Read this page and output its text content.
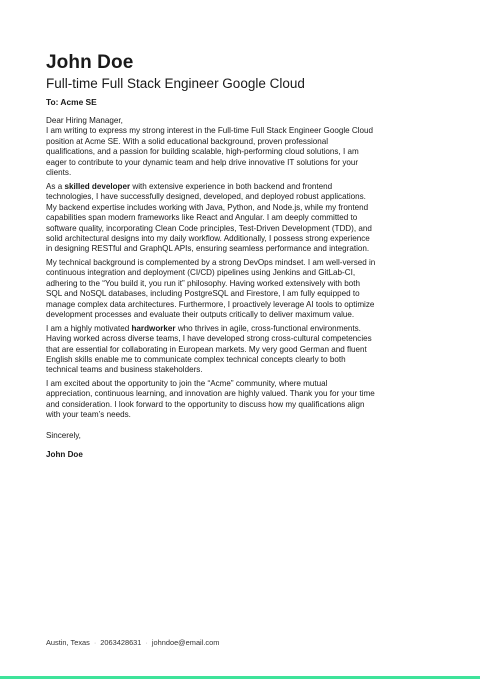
John Doe
Full-time Full Stack Engineer Google Cloud
To: Acme SE

Dear Hiring Manager,

I am writing to express my strong interest in the Full-time Full Stack Engineer Google Cloud position at Acme SE. With a solid educational background, proven professional qualifications, and a passion for building scalable, high-performing cloud solutions, I am eager to contribute to your dynamic team and help drive innovative IT solutions for your clients.

As a skilled developer with extensive experience in both backend and frontend technologies, I have successfully designed, developed, and deployed robust applications. My backend expertise includes working with Java, Python, and Node.js, while my frontend capabilities span modern frameworks like React and Angular. I am deeply committed to software quality, incorporating Clean Code principles, Test-Driven Development (TDD), and solid architectural designs into my daily workflow. Additionally, I possess strong experience in designing RESTful and GraphQL APIs, ensuring seamless performance and integration.

My technical background is complemented by a strong DevOps mindset. I am well-versed in continuous integration and deployment (CI/CD) pipelines using Jenkins and GitLab-CI, adhering to the “You build it, you run it” philosophy. Having worked extensively with both SQL and NoSQL databases, including PostgreSQL and Firestore, I am fully equipped to manage complex data architectures. Furthermore, I proactively leverage AI tools to optimize development processes and evaluate their outputs critically to deliver maximum value.

I am a highly motivated hardworker who thrives in agile, cross-functional environments. Having worked across diverse teams, I have developed strong cross-cultural competencies that are essential for collaborating in European markets. My very good German and fluent English skills enable me to communicate complex technical concepts clearly to both technical teams and business stakeholders.

I am excited about the opportunity to join the “Acme” community, where mutual appreciation, continuous learning, and innovation are highly valued. Thank you for your time and consideration. I look forward to the opportunity to discuss how my qualifications align with your team’s needs.

Sincerely,
John Doe
Austin, Texas · 2063428631 · johndoe@email.com
